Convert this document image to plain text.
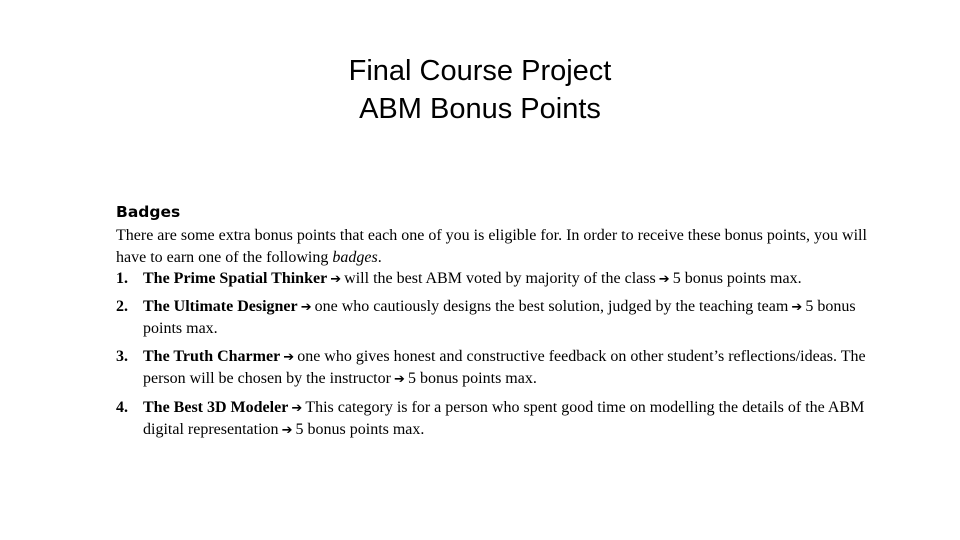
Final Course Project
ABM Bonus Points
Badges

There are some extra bonus points that each one of you is eligible for. In order to receive these bonus points, you will have to earn one of the following badges.

1. The Prime Spatial Thinker ➔ will the best ABM voted by majority of the class ➔ 5 bonus points max.
2. The Ultimate Designer ➔ one who cautiously designs the best solution, judged by the teaching team ➔ 5 bonus points max.
3. The Truth Charmer ➔ one who gives honest and constructive feedback on other student’s reflections/ideas. The person will be chosen by the instructor ➔ 5 bonus points max.
4. The Best 3D Modeler ➔ This category is for a person who spent good time on modelling the details of the ABM digital representation ➔ 5 bonus points max.
